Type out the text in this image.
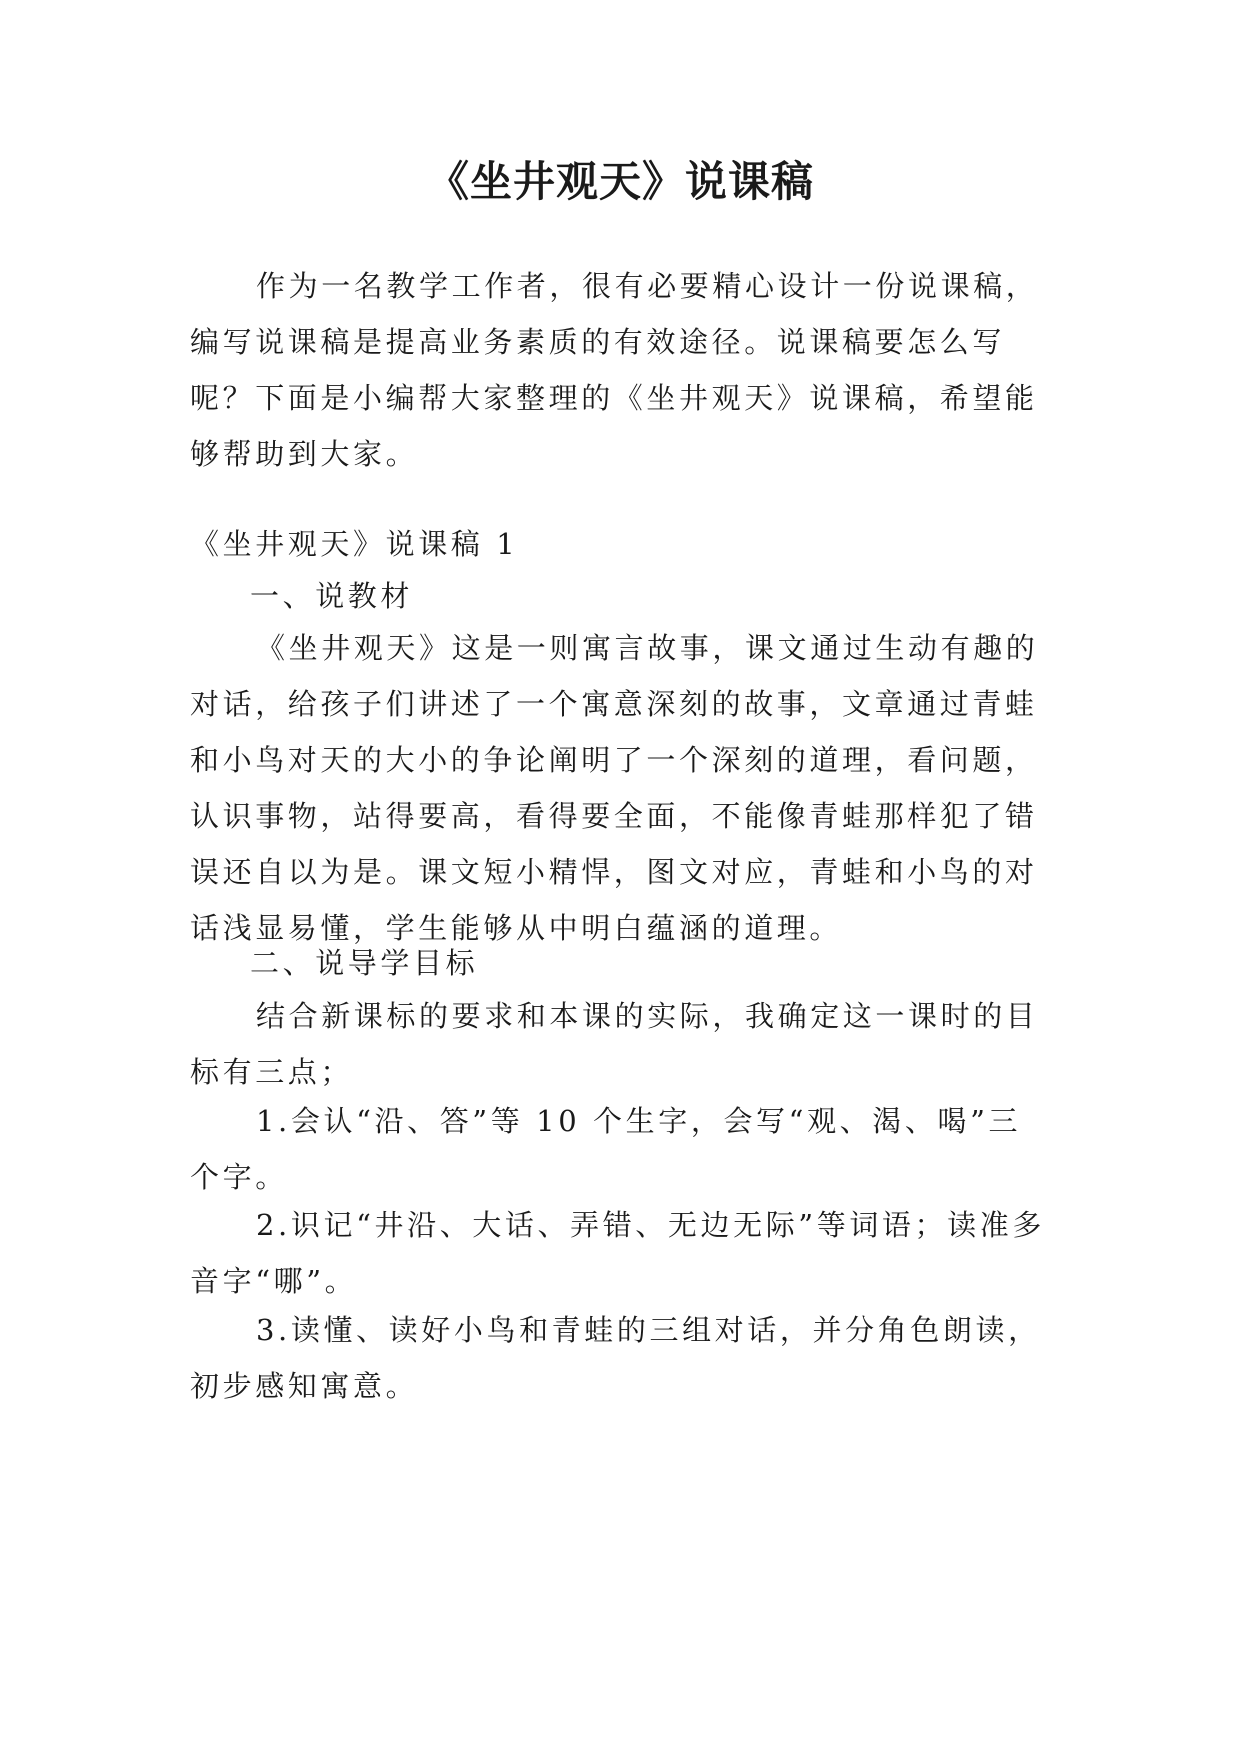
《坐井观天》说课稿

作为一名教学工作者，很有必要精心设计一份说课稿，编写说课稿是提高业务素质的有效途径。说课稿要怎么写呢？下面是小编帮大家整理的《坐井观天》说课稿，希望能够帮助到大家。

《坐井观天》说课稿 1

一、说教材

《坐井观天》这是一则寓言故事，课文通过生动有趣的对话，给孩子们讲述了一个寓意深刻的故事，文章通过青蛙和小鸟对天的大小的争论阐明了一个深刻的道理，看问题，认识事物，站得要高，看得要全面，不能像青蛙那样犯了错误还自以为是。课文短小精悍，图文对应，青蛙和小鸟的对话浅显易懂，学生能够从中明白蕴涵的道理。

二、说导学目标

结合新课标的要求和本课的实际，我确定这一课时的目标有三点；

1.会认“沿、答”等 10 个生字，会写“观、渴、喝”三个字。

2.识记“井沿、大话、弄错、无边无际”等词语；读准多音字“哪”。

3.读懂、读好小鸟和青蛙的三组对话，并分角色朗读，初步感知寓意。
